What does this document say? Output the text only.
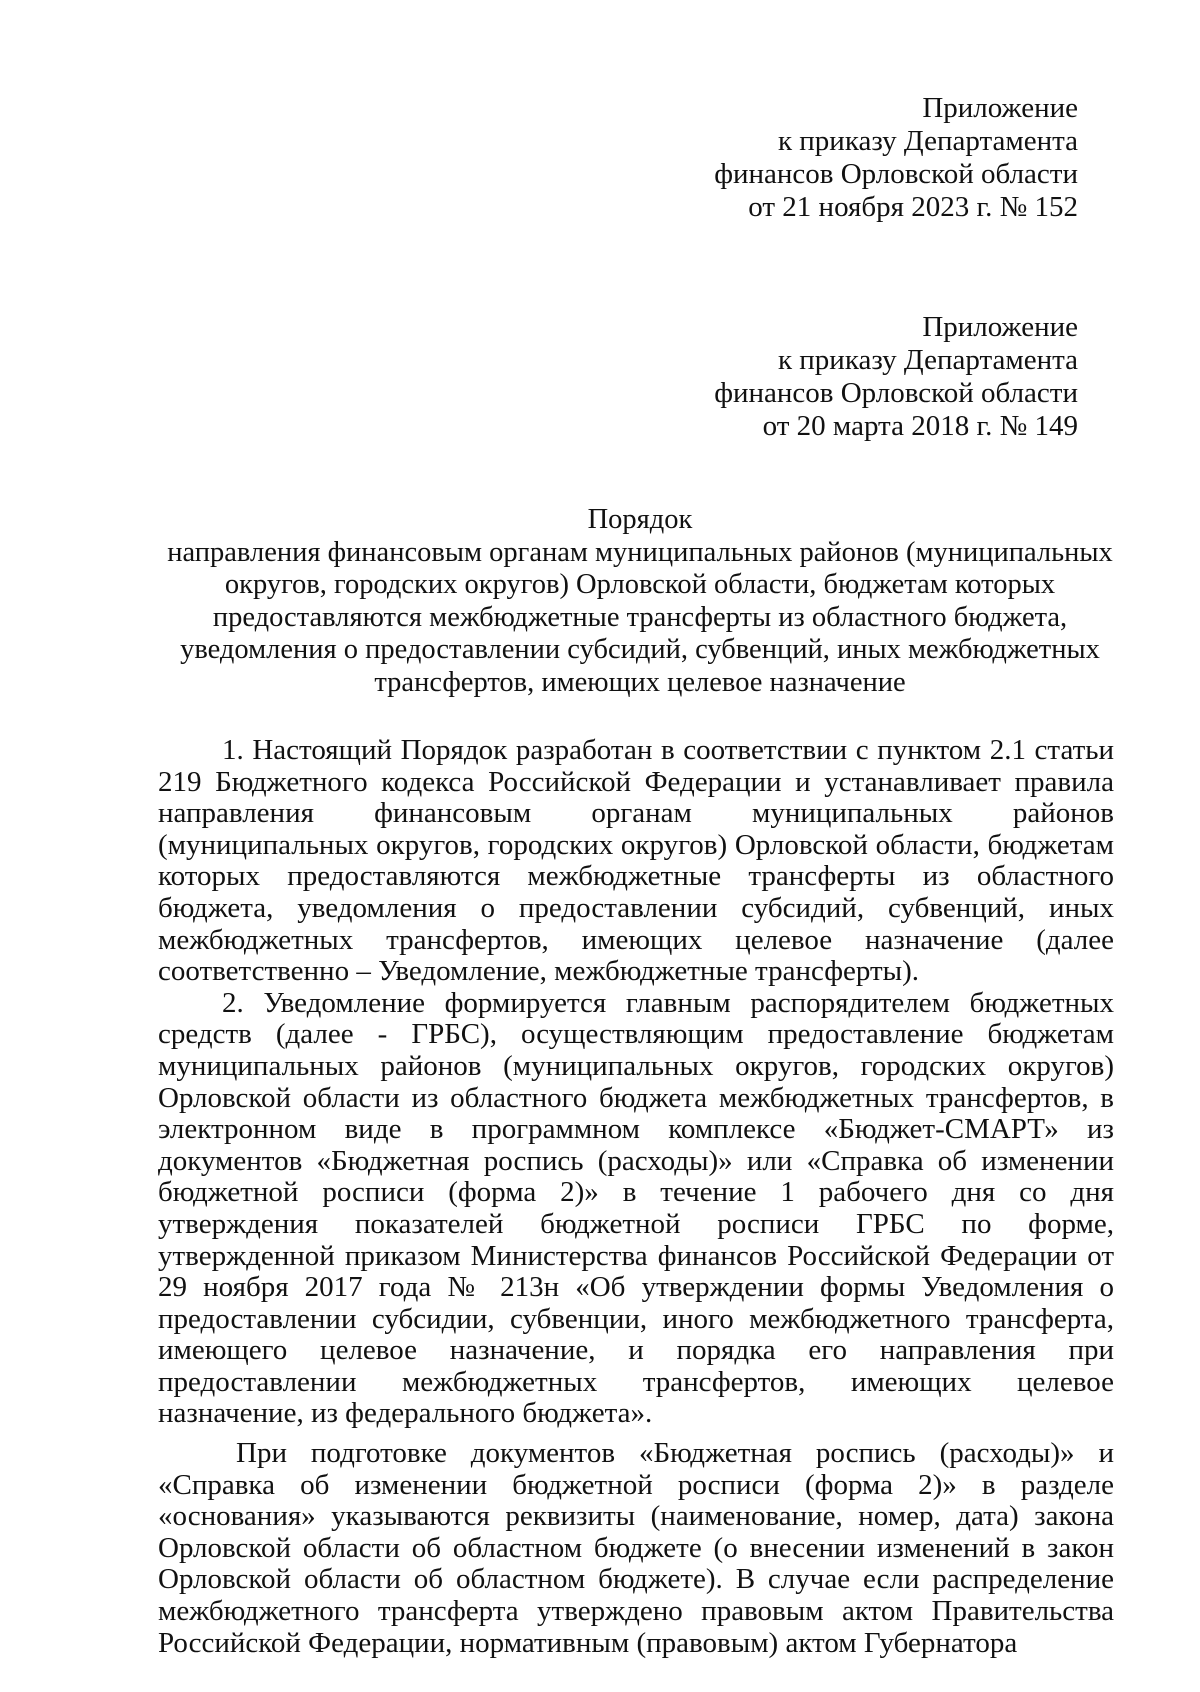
Приложение
к приказу Департамента
финансов Орловской области
от 21 ноября 2023 г. № 152
Приложение
к приказу Департамента
финансов Орловской области
от 20 марта 2018 г. № 149
Порядок
направления финансовым органам муниципальных районов (муниципальных
округов, городских округов) Орловской области, бюджетам которых
предоставляются межбюджетные трансферты из областного бюджета,
уведомления о предоставлении субсидий, субвенций, иных межбюджетных
трансфертов, имеющих целевое назначение

1. Настоящий Порядок разработан в соответствии с пунктом 2.1 статьи 219 Бюджетного кодекса Российской Федерации и устанавливает правила направления финансовым органам муниципальных районов (муниципальных округов, городских округов) Орловской области, бюджетам которых предоставляются межбюджетные трансферты из областного бюджета, уведомления о предоставлении субсидий, субвенций, иных межбюджетных трансфертов, имеющих целевое назначение (далее соответственно – Уведомление, межбюджетные трансферты).

2. Уведомление формируется главным распорядителем бюджетных средств (далее - ГРБС), осуществляющим предоставление бюджетам муниципальных районов (муниципальных округов, городских округов) Орловской области из областного бюджета межбюджетных трансфертов, в электронном виде в программном комплексе «Бюджет-СМАРТ» из документов «Бюджетная роспись (расходы)» или «Справка об изменении бюджетной росписи (форма 2)» в течение 1 рабочего дня со дня утверждения показателей бюджетной росписи ГРБС по форме, утвержденной приказом Министерства финансов Российской Федерации от 29 ноября 2017 года № 213н «Об утверждении формы Уведомления о предоставлении субсидии, субвенции, иного межбюджетного трансферта, имеющего целевое назначение, и порядка его направления при предоставлении межбюджетных трансфертов, имеющих целевое назначение, из федерального бюджета».

При подготовке документов «Бюджетная роспись (расходы)» и «Справка об изменении бюджетной росписи (форма 2)» в разделе «основания» указываются реквизиты (наименование, номер, дата) закона Орловской области об областном бюджете (о внесении изменений в закон Орловской области об областном бюджете). В случае если распределение межбюджетного трансферта утверждено правовым актом Правительства Российской Федерации, нормативным (правовым) актом Губернатора
